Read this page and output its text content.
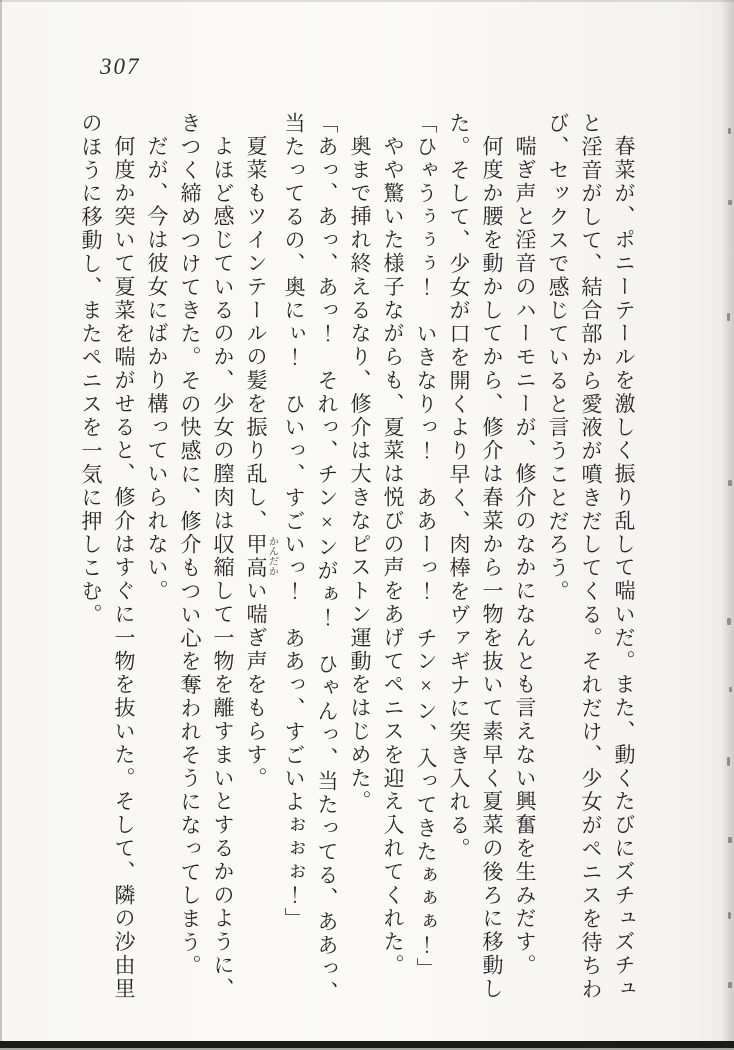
307

春菜が、ポニーテールを激しく振り乱して喘いだ。また、動くたびにズチュズチュと淫音がして、結合部から愛液が噴きだしてくる。それだけ、少女がペニスを待ちわび、セックスで感じていると言うことだろう。

喘ぎ声と淫音のハーモニーが、修介のなかになんとも言えない興奮を生みだす。

何度か腰を動かしてから、修介は春菜から一物を抜いて素早く夏菜の後ろに移動した。そして、少女が口を開くより早く、肉棒をヴァギナに突き入れる。

「ひゃうぅぅぅ！　いきなりっ！　ああーっ！　チン×ン、入ってきたぁぁぁ！」

やや驚いた様子ながらも、夏菜は悦びの声をあげてペニスを迎え入れてくれた。

奥まで挿れ終えるなり、修介は大きなピストン運動をはじめた。

「あっ、あっ、あっ！　それっ、チン×ンがぁ！　ひゃんっ、当たってる、ああっ、当たってるの、奥にぃ！　ひいっ、すごいっ！　ああっ、すごいよぉぉぉ！」

夏菜もツインテールの髪を振り乱し、甲高かんだかい喘ぎ声をもらす。

よほど感じているのか、少女の膣肉は収縮して一物を離すまいとするかのように、きつく締めつけてきた。その快感に、修介もつい心を奪われそうになってしまう。

だが、今は彼女にばかり構っていられない。

何度か突いて夏菜を喘がせると、修介はすぐに一物を抜いた。そして、隣の沙由里のほうに移動し、またペニスを一気に押しこむ。
